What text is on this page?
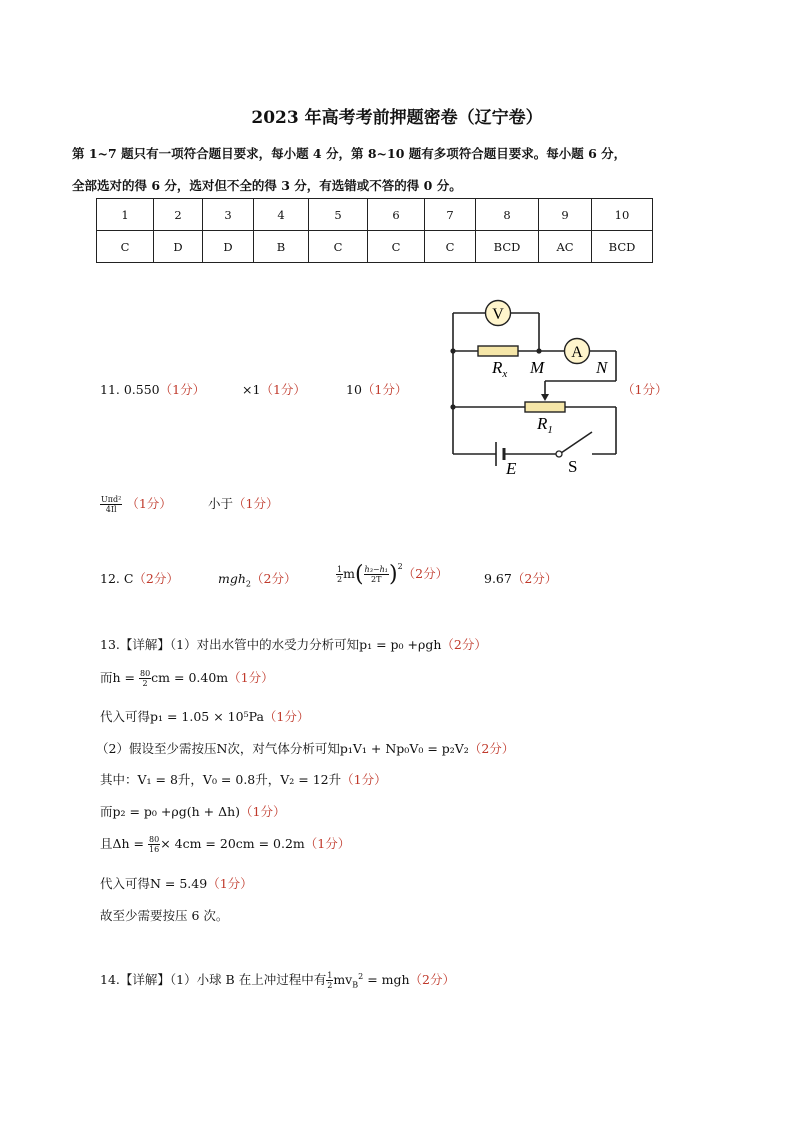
2023 年高考考前押题密卷（辽宁卷）
第 1~7 题只有一项符合题目要求，每小题 4 分，第 8~10 题有多项符合题目要求。每小题 6 分，
全部选对的得 6 分，选对但不全的得 3 分，有选错或不答的得 0 分。
1	2	3	4	5	6	7	8	9	10
C	D	D	B	C	C	C	BCD	AC	BCD
11. 0.550（1分）	×1（1分）	10（1分）	（1分）
V
A
$R_x$ M	N
$R_1$
E	S
$\frac{\text{Uπd²}}{4Il} (1$分）	小于（1分）
12. C（2分）	mgh$_2$（2分）	$\frac{1}{2} m( \frac{\text{h₃−h₁}}{2T} )^2(2$分）	9.67（2分）
13.【详解】（1）对出水管中的水受力分析可知p₁ = p₀ +ρgh（2分）
而$h = \frac{80}{2}$ cm = 0.40m（1分）
代入可得p₁ = 1.05 × 10⁵Pa（1分）
（2）假设至少需按压N次，对气体分析可知p₁V₁ + Np₀V₀ = p₂V₂（2分）
其中：V₁ = 8升，V₀ = 0.8升，V₂ = 12升（1分）
而p₂ = p₀ +ρg(h + Δh)（1分）
且$\Delta h = \frac{80}{16} \times 4cm = 20cm = 0.2m(1$分）
代入可得N = 5.49（1分）
故至少需要按压 6 次。
14.【详解】（1）小球 B 在上冲过程中有 $\frac{1}{2} mv_B^2 = mgh(2$分）
